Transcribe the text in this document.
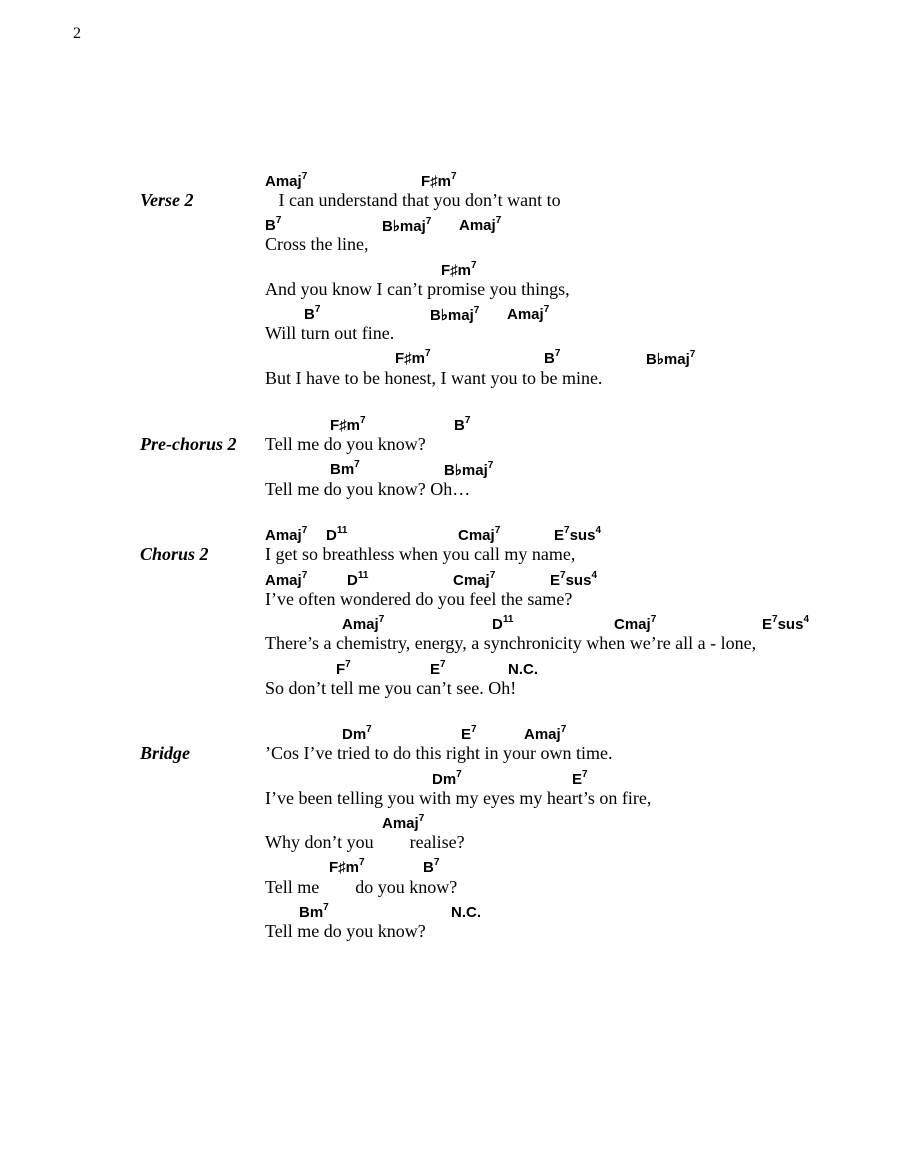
2
Verse 2	I can understand that you don’t want to
Amaj$^7$	$F♯m^7$
Cross the line,
$B^7$	B♭maj$^7$ Amaj$^7$
And you know I can’t promise you things,
$F♯m^7$
Will turn out fine.
$B^7$	B♭maj$^7$ Amaj$^7$
But I have to be honest, I want you to be mine.
$F♯m^7$	$B^7$	B♭maj$^7$
Pre-chorus 2 Tell me do you know?
$F♯m^7$	$B^7$
Tell me do you know? Oh…
Bm$^7$	B♭maj$^7$
Chorus 2	I get so breathless when you call my name,
Amaj$^7$ $D^{11}$	Cmaj$^7$	$E^7sus^4$
I’ve often wondered do you feel the same?
Amaj$^7$	$D^{11}$	Cmaj$^7$	$E^7sus^4$
There’s a chemistry, energy, a synchronicity when we’re all a - lone,
Amaj$^7$	$D^{11}$	Cmaj$^7$	$E^7sus^4$
So don’t tell me you can’t see. Oh!
$F^7$	$E^7$	N.C.
Bridge	’Cos I’ve tried to do this right in your own time.
Dm$^7$	$E^7$	Amaj$^7$
I’ve been telling you with my eyes my heart’s on fire,
Dm$^7$	$E^7$
Why don’t you        realise?
Amaj$^7$
Tell me        do you know?
$F♯m^7$	$B^7$
Tell me do you know?
Bm$^7$	N.C.
